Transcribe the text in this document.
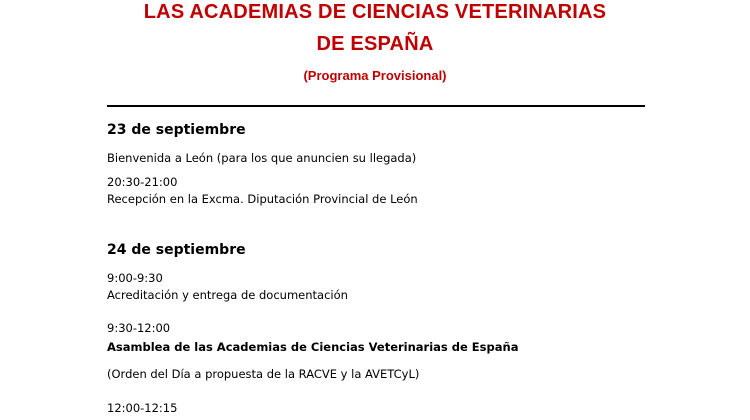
LAS ACADEMIAS DE CIENCIAS VETERINARIAS
DE ESPAÑA
(Programa Provisional)
23 de septiembre
Bienvenida a León (para los que anuncien su llegada)
20:30-21:00
Recepción en la Excma. Diputación Provincial de León
24 de septiembre
9:00-9:30
Acreditación y entrega de documentación
9:30-12:00
Asamblea de las Academias de Ciencias Veterinarias de España
(Orden del Día a propuesta de la RACVE y la AVETCyL)
12:00-12:15
